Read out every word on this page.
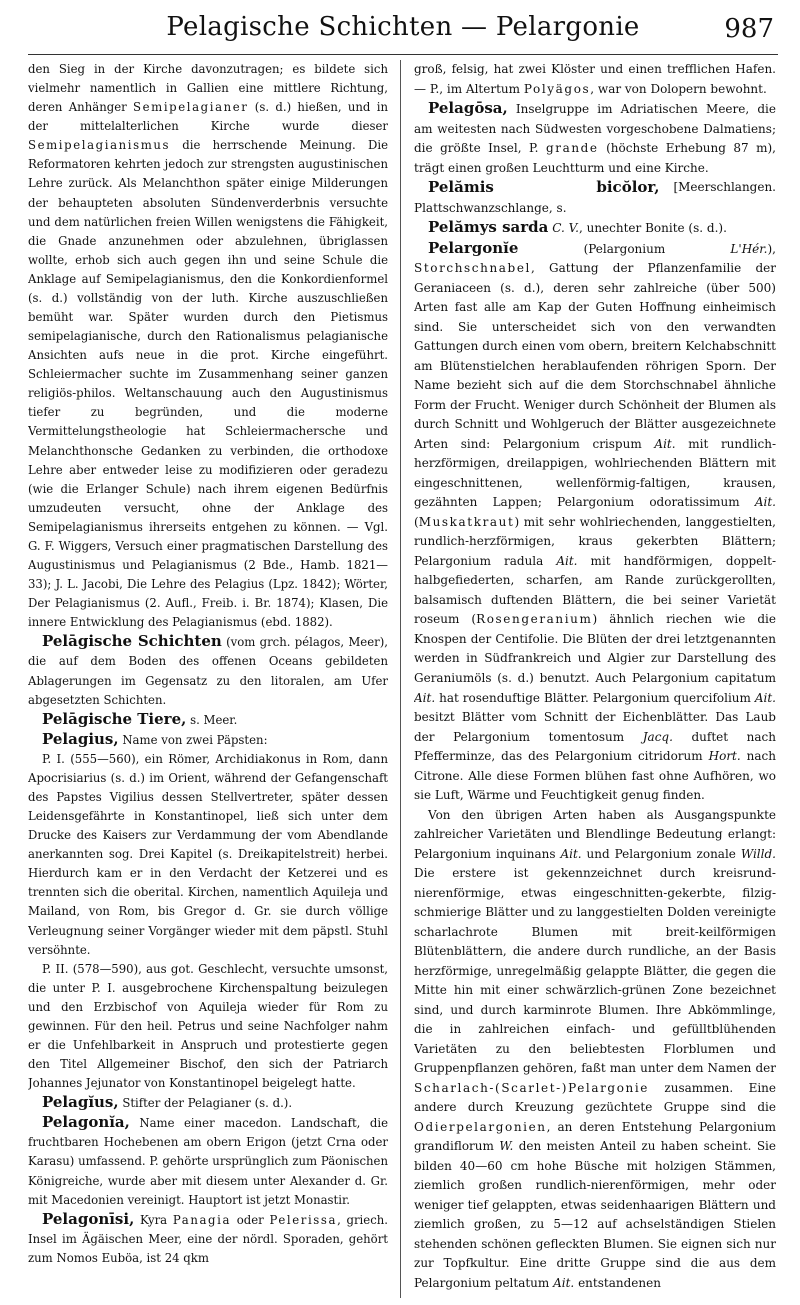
Pelagische Schichten — Pelargonie	987

den Sieg in der Kirche davonzutragen; es bildete sich vielmehr namentlich in Gallien eine mittlere Richtung, deren Anhänger Semipelagianer (s. d.) hießen, und in der mittelalterlichen Kirche wurde dieser Semipelagianismus die herrschende Meinung. Die Reformatoren kehrten jedoch zur strengsten augustinischen Lehre zurück. Als Melanchthon später einige Milderungen der behaupteten absoluten Sündenverderbnis versuchte und dem natürlichen freien Willen wenigstens die Fähigkeit, die Gnade anzunehmen oder abzulehnen, übriglassen wollte, erhob sich auch gegen ihn und seine Schule die Anklage auf Semipelagianismus, den die Konkordienformel (s. d.) vollständig von der luth. Kirche auszuschließen bemüht war. Später wurden durch den Pietismus semipelagianische, durch den Rationalismus pelagianische Ansichten aufs neue in die prot. Kirche eingeführt. Schleiermacher suchte im Zusammenhang seiner ganzen religiös-philos. Weltanschauung auch den Augustinismus tiefer zu begründen, und die moderne Vermittelungstheologie hat Schleiermachersche und Melanchthonsche Gedanken zu verbinden, die orthodoxe Lehre aber entweder leise zu modifizieren oder geradezu (wie die Erlanger Schule) nach ihrem eigenen Bedürfnis umzudeuten versucht, ohne der Anklage des Semipelagianismus ihrerseits entgehen zu können. — Vgl. G. F. Wiggers, Versuch einer pragmatischen Darstellung des Augustinismus und Pelagianismus (2 Bde., Hamb. 1821—33); J. L. Jacobi, Die Lehre des Pelagius (Lpz. 1842); Wörter, Der Pelagianismus (2. Aufl., Freib. i. Br. 1874); Klasen, Die innere Entwicklung des Pelagianismus (ebd. 1882).

Pelāgische Schichten (vom grch. pélagos, Meer), die auf dem Boden des offenen Oceans gebildeten Ablagerungen im Gegensatz zu den litoralen, am Ufer abgesetzten Schichten.

Pelāgische Tiere, s. Meer.

Pelagius, Name von zwei Päpsten:

P. I. (555—560), ein Römer, Archidiakonus in Rom, dann Apocrisiarius (s. d.) im Orient, während der Gefangenschaft des Papstes Vigilius dessen Stellvertreter, später dessen Leidensgefährte in Konstantinopel, ließ sich unter dem Drucke des Kaisers zur Verdammung der vom Abendlande anerkannten sog. Drei Kapitel (s. Dreikapitelstreit) herbei. Hierdurch kam er in den Verdacht der Ketzerei und es trennten sich die oberital. Kirchen, namentlich Aquileja und Mailand, von Rom, bis Gregor d. Gr. sie durch völlige Verleugnung seiner Vorgänger wieder mit dem päpstl. Stuhl versöhnte.

P. II. (578—590), aus got. Geschlecht, versuchte umsonst, die unter P. I. ausgebrochene Kirchenspaltung beizulegen und den Erzbischof von Aquileja wieder für Rom zu gewinnen. Für den heil. Petrus und seine Nachfolger nahm er die Unfehlbarkeit in Anspruch und protestierte gegen den Titel Allgemeiner Bischof, den sich der Patriarch Johannes Jejunator von Konstantinopel beigelegt hatte.

Pelagĭus, Stifter der Pelagianer (s. d.).

Pelagonĭa, Name einer macedon. Landschaft, die fruchtbaren Hochebenen am obern Erigon (jetzt Crna oder Karasu) umfassend. P. gehörte ursprünglich zum Päonischen Königreiche, wurde aber mit diesem unter Alexander d. Gr. mit Macedonien vereinigt. Hauptort ist jetzt Monastir.

Pelagonīsi, Kyra Panagia oder Pelerissa, griech. Insel im Ägäischen Meer, eine der nördl. Sporaden, gehört zum Nomos Euböa, ist 24 qkm

groß, felsig, hat zwei Klöster und einen trefflichen Hafen. — P., im Altertum Polyägos, war von Dolopern bewohnt.

Pelagōsa, Inselgruppe im Adriatischen Meere, die am weitesten nach Südwesten vorgeschobene Dalmatiens; die größte Insel, P. grande (höchste Erhebung 87 m), trägt einen großen Leuchtturm und eine Kirche.
[Meerschlangen.

Pelămis bicŏlor, Plattschwanzschlange, s.

Pelămys sarda C. V., unechter Bonite (s. d.).

Pelargonĭe (Pelargonium L'Hér.), Storchschnabel, Gattung der Pflanzenfamilie der Geraniaceen (s. d.), deren sehr zahlreiche (über 500) Arten fast alle am Kap der Guten Hoffnung einheimisch sind. Sie unterscheidet sich von den verwandten Gattungen durch einen vom obern, breitern Kelchabschnitt am Blütenstielchen herablaufenden röhrigen Sporn. Der Name bezieht sich auf die dem Storchschnabel ähnliche Form der Frucht. Weniger durch Schönheit der Blumen als durch Schnitt und Wohlgeruch der Blätter ausgezeichnete Arten sind: Pelargonium crispum Ait. mit rundlich-herzförmigen, dreilappigen, wohlriechenden Blättern mit eingeschnittenen, wellenförmig-faltigen, krausen, gezähnten Lappen; Pelargonium odoratissimum Ait. (Muskatkraut) mit sehr wohlriechenden, langgestielten, rundlich-herzförmigen, kraus gekerbten Blättern; Pelargonium radula Ait. mit handförmigen, doppelt-halbgefiederten, scharfen, am Rande zurückgerollten, balsamisch duftenden Blättern, die bei seiner Varietät roseum (Rosengeranium) ähnlich riechen wie die Knospen der Centifolie. Die Blüten der drei letztgenannten werden in Südfrankreich und Algier zur Darstellung des Geraniumöls (s. d.) benutzt. Auch Pelargonium capitatum Ait. hat rosenduftige Blätter. Pelargonium quercifolium Ait. besitzt Blätter vom Schnitt der Eichenblätter. Das Laub der Pelargonium tomentosum Jacq. duftet nach Pfefferminze, das des Pelargonium citridorum Hort. nach Citrone. Alle diese Formen blühen fast ohne Aufhören, wo sie Luft, Wärme und Feuchtigkeit genug finden.

Von den übrigen Arten haben als Ausgangspunkte zahlreicher Varietäten und Blendlinge Bedeutung erlangt: Pelargonium inquinans Ait. und Pelargonium zonale Willd. Die erstere ist gekennzeichnet durch kreisrund-nierenförmige, etwas eingeschnitten-gekerbte, filzig-schmierige Blätter und zu langgestielten Dolden vereinigte scharlachrote Blumen mit breit-keilförmigen Blütenblättern, die andere durch rundliche, an der Basis herzförmige, unregelmäßig gelappte Blätter, die gegen die Mitte hin mit einer schwärzlich-grünen Zone bezeichnet sind, und durch karminrote Blumen. Ihre Abkömmlinge, die in zahlreichen einfach- und gefülltblühenden Varietäten zu den beliebtesten Florblumen und Gruppenpflanzen gehören, faßt man unter dem Namen der Scharlach-(Scarlet-)Pelargonie zusammen. Eine andere durch Kreuzung gezüchtete Gruppe sind die Odierpelargonien, an deren Entstehung Pelargonium grandiflorum W. den meisten Anteil zu haben scheint. Sie bilden 40—60 cm hohe Büsche mit holzigen Stämmen, ziemlich großen rundlich-nierenförmigen, mehr oder weniger tief gelappten, etwas seidenhaarigen Blättern und ziemlich großen, zu 5—12 auf achselständigen Stielen stehenden schönen gefleckten Blumen. Sie eignen sich nur zur Topfkultur. Eine dritte Gruppe sind die aus dem Pelargonium peltatum Ait. entstandenen
